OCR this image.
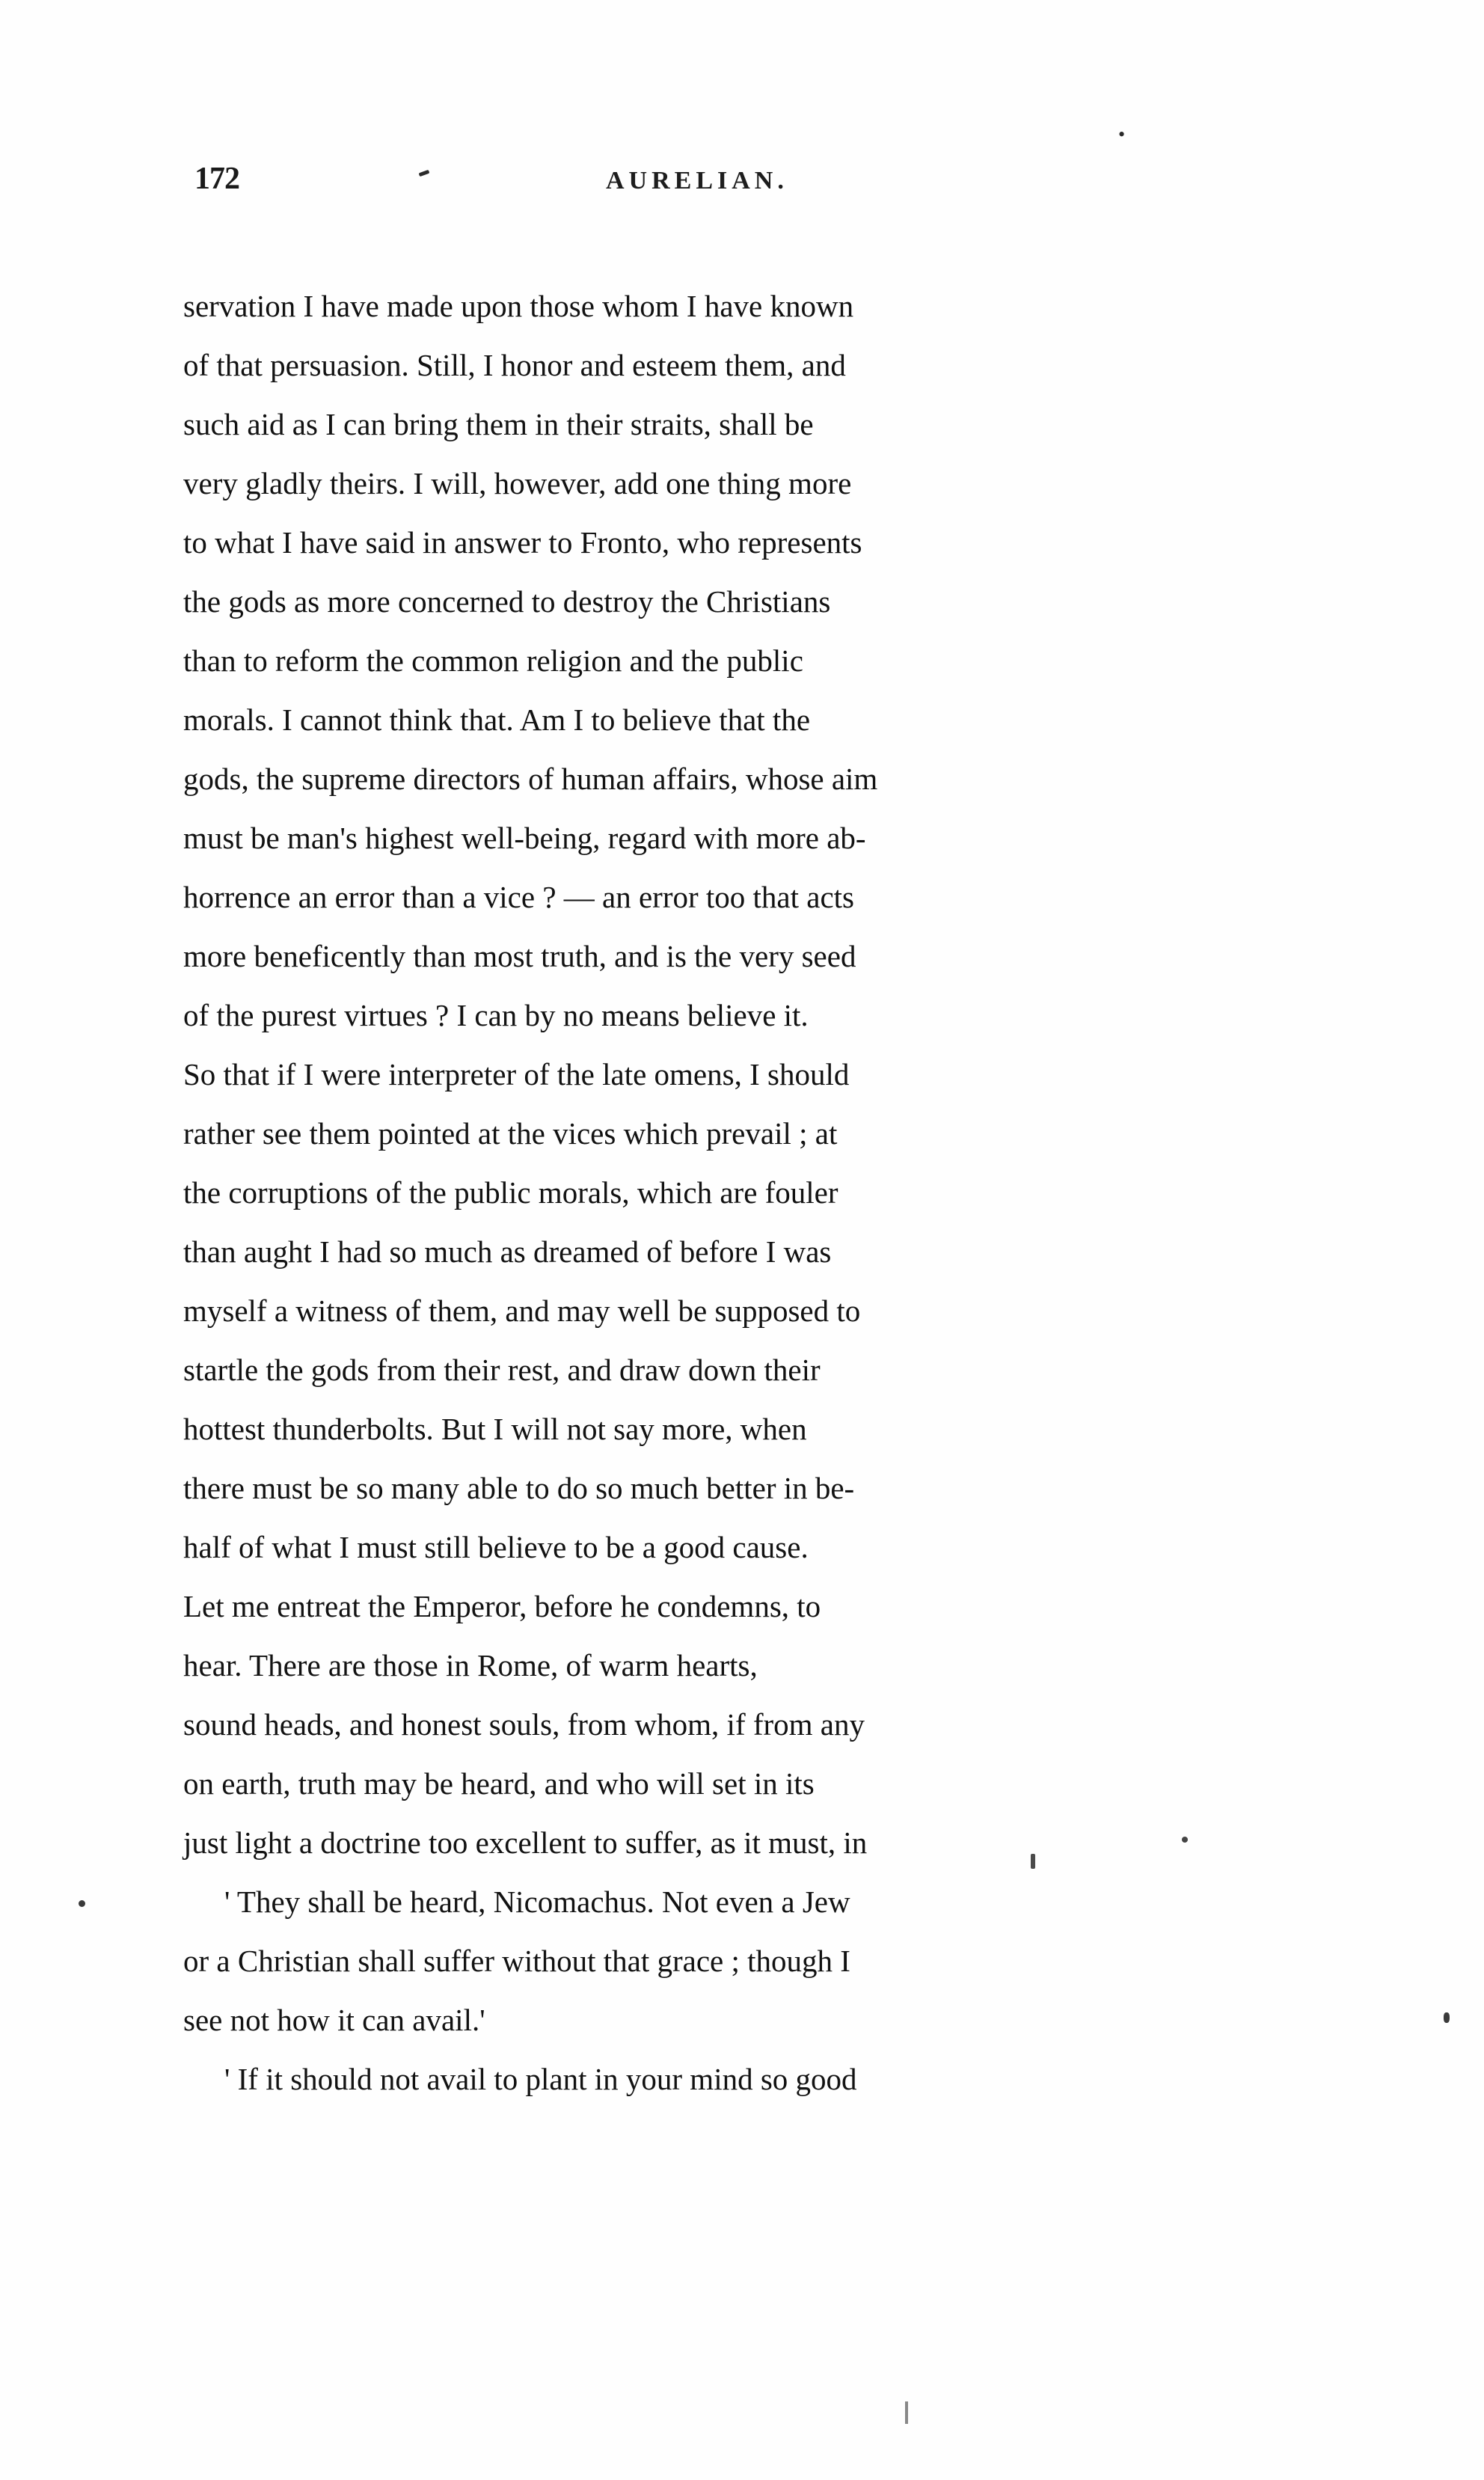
•
172	AURELIAN.
servation I have made upon those whom I have known
of that persuasion. Still, I honor and esteem them, and
such aid as I can bring them in their straits, shall be
very gladly theirs. I will, however, add one thing more
to what I have said in answer to Fronto, who represents
the gods as more concerned to destroy the Christians
than to reform the common religion and the public
morals. I cannot think that. Am I to believe that the
gods, the supreme directors of human affairs, whose aim
must be man's highest well-being, regard with more ab-
horrence an error than a vice ? — an error too that acts
more beneficently than most truth, and is the very seed
of the purest virtues ? I can by no means believe it.
So that if I were interpreter of the late omens, I should
rather see them pointed at the vices which prevail ; at
the corruptions of the public morals, which are fouler
than aught I had so much as dreamed of before I was
myself a witness of them, and may well be supposed to
startle the gods from their rest, and draw down their
hottest thunderbolts. But I will not say more, when
there must be so many able to do so much better in be-
half of what I must still believe to be a good cause.
Let me entreat the Emperor, before he condemns, to
hear. There are those in Rome, of warm hearts,
sound heads, and honest souls, from whom, if from any
on earth, truth may be heard, and who will set in its
just light a doctrine too excellent to suffer, as it must, in
' They shall be heard, Nicomachus. Not even a Jew
or a Christian shall suffer without that grace ; though I
see not how it can avail.'
' If it should not avail to plant in your mind so good
